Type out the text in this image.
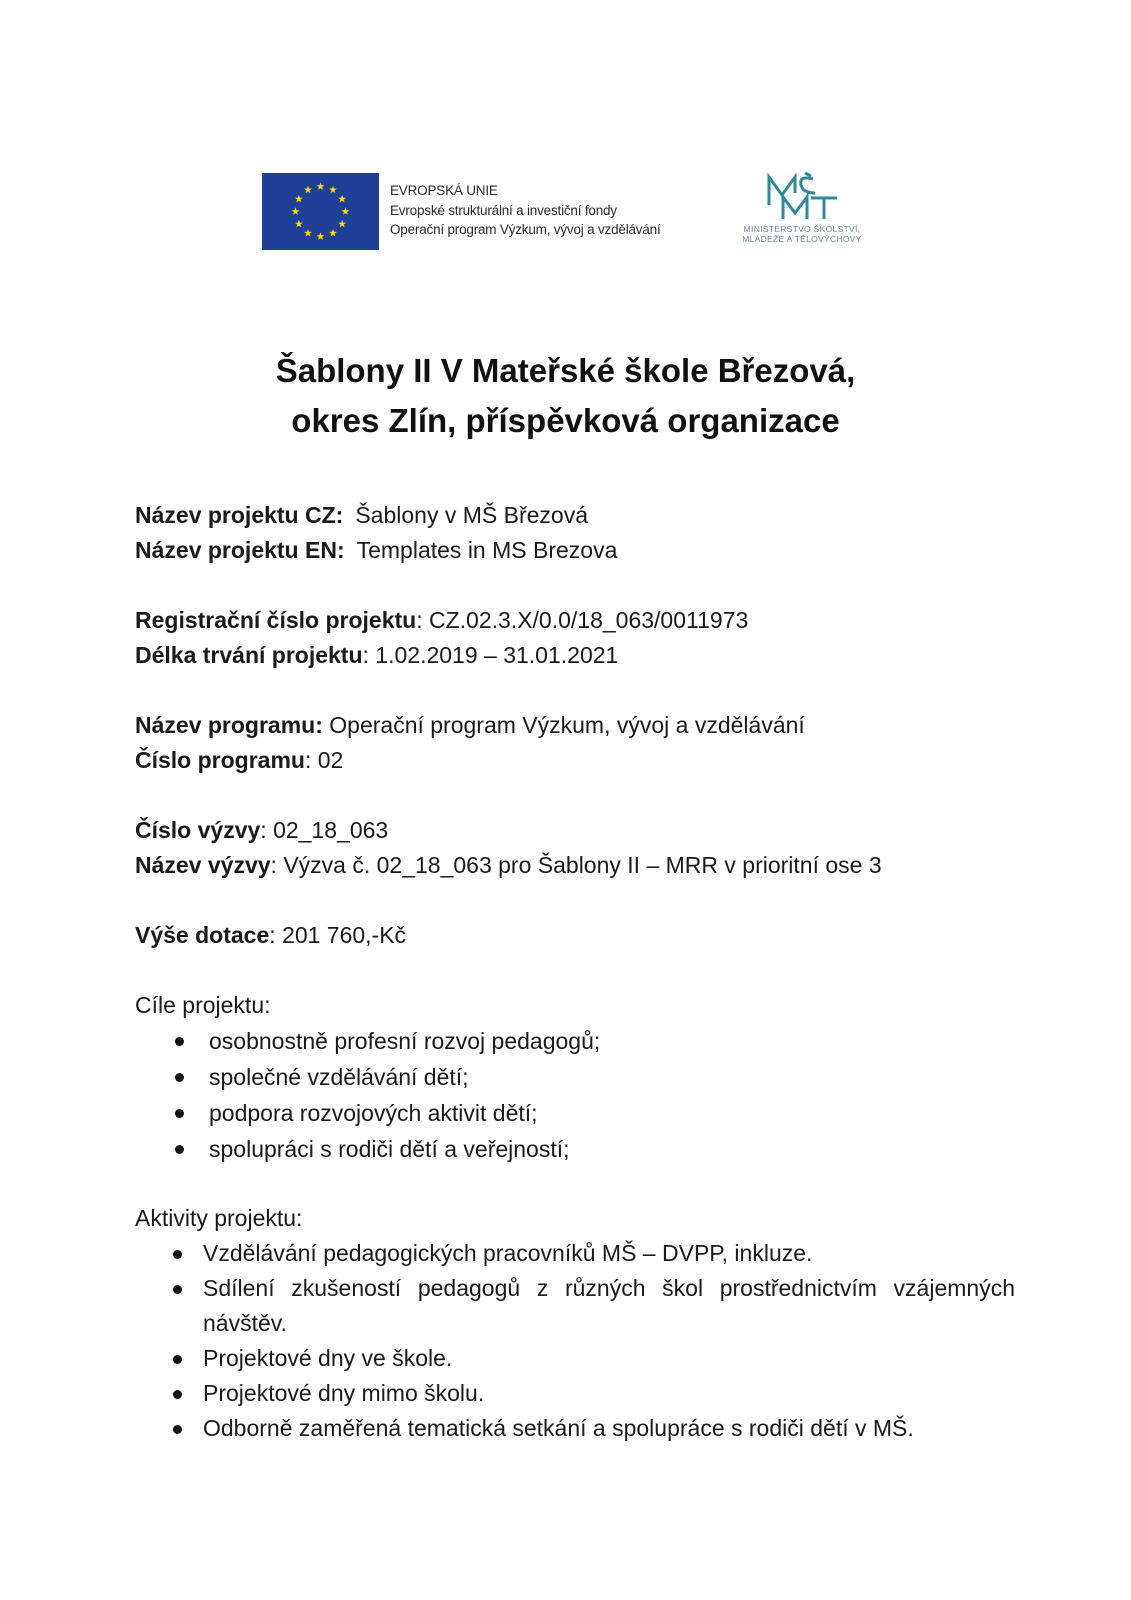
EVROPSKÁ UNIE
Evropské strukturální a investiční fondy
Operační program Výzkum, vývoj a vzdělávání	MINISTERSTVO ŠKOLSTVÍ,
MLÁDEŽE A TĚLOVÝCHOVY
Šablony II V Mateřské škole Březová,
okres Zlín, příspěvková organizace
Název projektu CZ: Šablony v MŠ Březová
Název projektu EN: Templates in MS Brezova
Registrační číslo projektu: CZ.02.3.X/0.0/18_063/0011973
Délka trvání projektu: 1.02.2019 – 31.01.2021
Název programu: Operační program Výzkum, vývoj a vzdělávání
Číslo programu: 02
Číslo výzvy: 02_18_063
Název výzvy: Výzva č. 02_18_063 pro Šablony II – MRR v prioritní ose 3
Výše dotace: 201 760,-Kč
Cíle projektu:
osobnostně profesní rozvoj pedagogů;
společné vzdělávání dětí;
podpora rozvojových aktivit dětí;
spolupráci s rodiči dětí a veřejností;
Aktivity projektu:
Vzdělávání pedagogických pracovníků MŠ – DVPP, inkluze.
Sdílení zkušeností pedagogů z různých škol prostřednictvím vzájemných návštěv.
Projektové dny ve škole.
Projektové dny mimo školu.
Odborně zaměřená tematická setkání a spolupráce s rodiči dětí v MŠ.
